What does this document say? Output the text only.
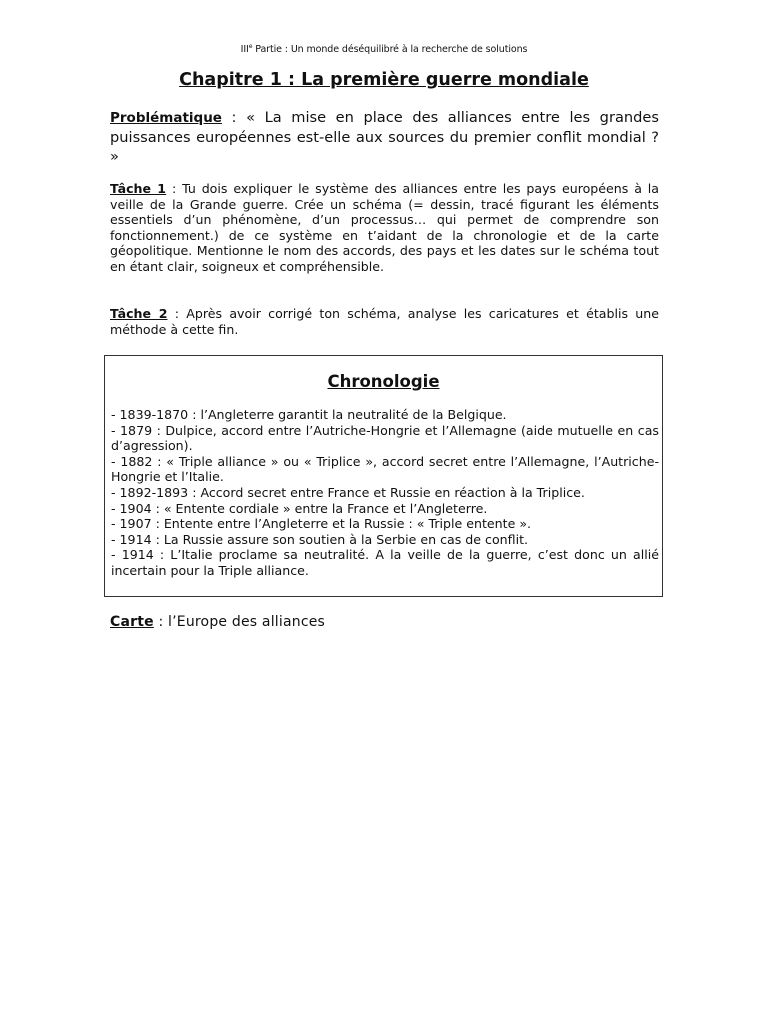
IIIe Partie : Un monde déséquilibré à la recherche de solutions
Chapitre 1 : La première guerre mondiale
Problématique : « La mise en place des alliances entre les grandes puissances européennes est-elle aux sources du premier conflit mondial ? »
Tâche 1 : Tu dois expliquer le système des alliances entre les pays européens à la veille de la Grande guerre. Crée un schéma (= dessin, tracé figurant les éléments essentiels d’un phénomène, d’un processus… qui permet de comprendre son fonctionnement.) de ce système en t’aidant de la chronologie et de la carte géopolitique. Mentionne le nom des accords, des pays et les dates sur le schéma tout en étant clair, soigneux et compréhensible.
Tâche 2 : Après avoir corrigé ton schéma, analyse les caricatures et établis une méthode à cette fin.
Chronologie
- 1839-1870 : l’Angleterre garantit la neutralité de la Belgique.
- 1879 : Dulpice, accord entre l’Autriche-Hongrie et l’Allemagne (aide mutuelle en cas d’agression).
- 1882 : « Triple alliance » ou « Triplice », accord secret entre l’Allemagne, l’Autriche-Hongrie et l’Italie.
- 1892-1893 : Accord secret entre France et Russie en réaction à la Triplice.
- 1904 : « Entente cordiale » entre la France et l’Angleterre.
- 1907 : Entente entre l’Angleterre et la Russie : « Triple entente ».
- 1914 : La Russie assure son soutien à la Serbie en cas de conflit.
- 1914 : L’Italie proclame sa neutralité. A la veille de la guerre, c’est donc un allié incertain pour la Triple alliance.
Carte : l’Europe des alliances
